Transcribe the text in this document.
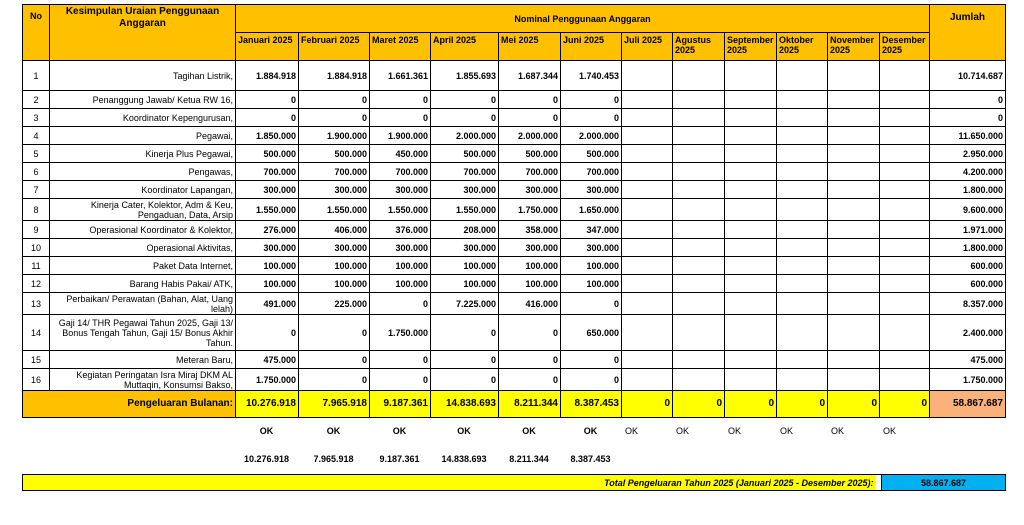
No	Kesimpulan Uraian Penggunaan Anggaran	Nominal Penggunaan Anggaran												Jumlah
		Januari 2025	Februari 2025	Maret 2025	April 2025	Mei 2025	Juni 2025	Juli 2025	Agustus 2025	September 2025	Oktober 2025	November 2025	Desember 2025	
1	Tagihan Listrik,	1.884.918	1.884.918	1.661.361	1.855.693	1.687.344	1.740.453							10.714.687
2	Penanggung Jawab/ Ketua RW 16,	0	0	0	0	0	0							0
3	Koordinator Kepengurusan,	0	0	0	0	0	0							0
4	Pegawai,	1.850.000	1.900.000	1.900.000	2.000.000	2.000.000	2.000.000							11.650.000
5	Kinerja Plus Pegawai,	500.000	500.000	450.000	500.000	500.000	500.000							2.950.000
6	Pengawas,	700.000	700.000	700.000	700.000	700.000	700.000							4.200.000
7	Koordinator Lapangan,	300.000	300.000	300.000	300.000	300.000	300.000							1.800.000
8	Kinerja Cater, Kolektor, Adm & Keu, Pengaduan, Data, Arsip	1.550.000	1.550.000	1.550.000	1.550.000	1.750.000	1.650.000							9.600.000
9	Operasional Koordinator & Kolektor,	276.000	406.000	376.000	208.000	358.000	347.000							1.971.000
10	Operasional Aktivitas,	300.000	300.000	300.000	300.000	300.000	300.000							1.800.000
11	Paket Data Internet,	100.000	100.000	100.000	100.000	100.000	100.000							600.000
12	Barang Habis Pakai/ ATK,	100.000	100.000	100.000	100.000	100.000	100.000							600.000
13	Perbaikan/ Perawatan (Bahan, Alat, Uang lelah)	491.000	225.000	0	7.225.000	416.000	0							8.357.000
14	Gaji 14/ THR Pegawai Tahun 2025, Gaji 13/ Bonus Tengah Tahun, Gaji 15/ Bonus Akhir Tahun.	0	0	1.750.000	0	0	650.000							2.400.000
15	Meteran Baru,	475.000	0	0	0	0	0							475.000
16	Kegiatan Peringatan Isra Miraj DKM AL Muttaqin, Konsumsi Bakso,	1.750.000	0	0	0	0	0							1.750.000
Pengeluaran Bulanan:		10.276.918	7.965.918	9.187.361	14.838.693	8.211.344	8.387.453	0	0	0	0	0	0	58.867.687
	OK	OK	OK	OK	OK	OK	OK	OK	OK	OK	OK	OK	
	10.276.918	7.965.918	9.187.361	14.838.693	8.211.344	8.387.453							
Total Pengeluaran Tahun 2025 (Januari 2025 - Desember 2025):		58.867.687
